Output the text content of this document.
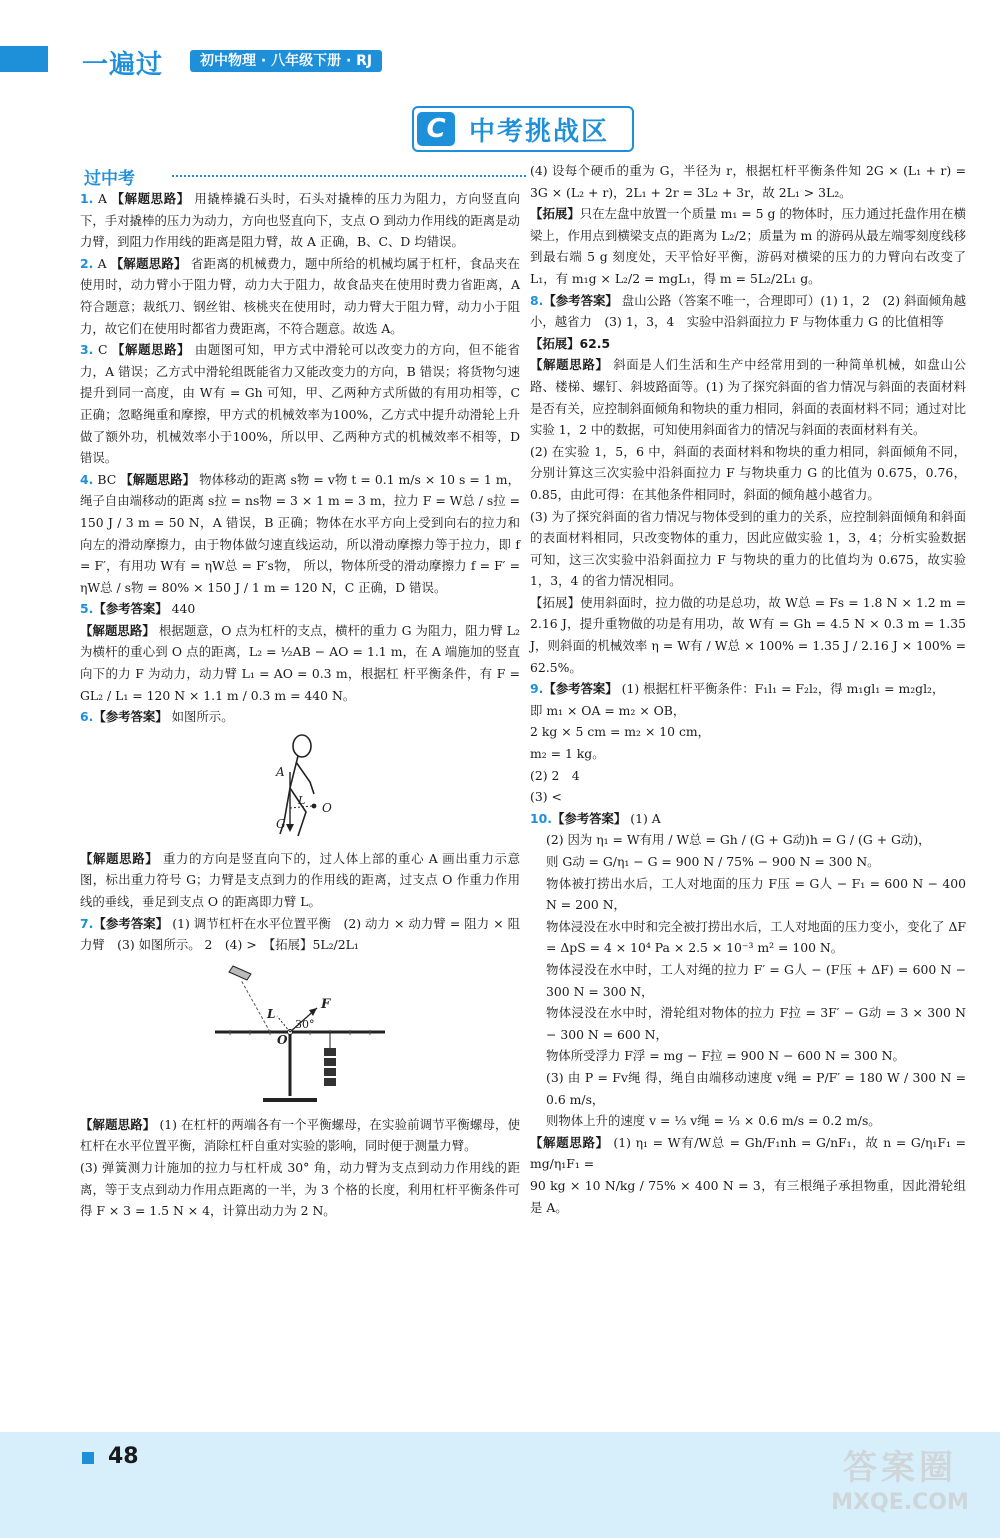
一遍过	初中物理 · 八年级下册 · RJ
C 中考挑战区
过中考

1. A 【解题思路】 用撬棒撬石头时，石头对撬棒的压力为阻力，方向竖直向下，手对撬棒的压力为动力，方向也竖直向下，支点 O 到动力作用线的距离是动力臂，到阻力作用线的距离是阻力臂，故 A 正确，B、C、D 均错误。

2. A 【解题思路】 省距离的机械费力，题中所给的机械均属于杠杆，食品夹在使用时，动力臂小于阻力臂，动力大于阻力，故食品夹在使用时费力省距离，A 符合题意；裁纸刀、钢丝钳、核桃夹在使用时，动力臂大于阻力臂，动力小于阻力，故它们在使用时都省力费距离，不符合题意。故选 A。

3. C 【解题思路】 由题图可知，甲方式中滑轮可以改变力的方向，但不能省力，A 错误；乙方式中滑轮组既能省力又能改变力的方向，B 错误；将货物匀速提升到同一高度，由 W有 = Gh 可知，甲、乙两种方式所做的有用功相等，C 正确；忽略绳重和摩擦，甲方式的机械效率为100%，乙方式中提升动滑轮上升做了额外功，机械效率小于100%，所以甲、乙两种方式的机械效率不相等，D 错误。

4. BC 【解题思路】 物体移动的距离 s物 = v物 t = 0.1 m/s × 10 s = 1 m，绳子自由端移动的距离 s拉 = ns物 = 3 × 1 m = 3 m，拉力 F = W总 / s拉 = 150 J / 3 m = 50 N，A 错误，B 正确；物体在水平方向上受到向右的拉力和向左的滑动摩擦力，由于物体做匀速直线运动，所以滑动摩擦力等于拉力，即 f = F′，有用功 W有 = ηW总 = F′s物， 所以，物体所受的滑动摩擦力 f = F′ = ηW总 / s物 = 80% × 150 J / 1 m = 120 N，C 正确，D 错误。

5.【参考答案】 440
【解题思路】 根据题意，O 点为杠杆的支点，横杆的重力 G 为阻力，阻力臂 L₂ 为横杆的重心到 O 点的距离，L₂ = ½AB − AO = 1.1 m，在 A 端施加的竖直向下的力 F 为动力，动力臂 L₁ = AO = 0.3 m，根据杠 杆平衡条件，有 F = GL₂ / L₁ = 120 N × 1.1 m / 0.3 m = 440 N。

6.【参考答案】 如图所示。

A
G
O
L

【解题思路】 重力的方向是竖直向下的，过人体上部的重心 A 画出重力示意图，标出重力符号 G；力臂是支点到力的作用线的距离，过支点 O 作重力作用线的垂线，垂足到支点 O 的距离即力臂 L。

7.【参考答案】 (1) 调节杠杆在水平位置平衡　(2) 动力 × 动力臂 = 阻力 × 阻力臂　(3) 如图所示。 2　(4) >　【拓展】5L₂/2L₁

F
L
O
30°

【解题思路】 (1) 在杠杆的两端各有一个平衡螺母，在实验前调节平衡螺母，使杠杆在水平位置平衡，消除杠杆自重对实验的影响，同时便于测量力臂。

(3) 弹簧测力计施加的拉力与杠杆成 30° 角，动力臂为支点到动力作用线的距离，等于支点到动力作用点距离的一半，为 3 个格的长度，利用杠杆平衡条件可得 F × 3 = 1.5 N × 4，计算出动力为 2 N。

(4) 设每个硬币的重为 G，半径为 r，根据杠杆平衡条件知 2G × (L₁ + r) = 3G × (L₂ + r)，2L₁ + 2r = 3L₂ + 3r，故 2L₁ > 3L₂。

【拓展】只在左盘中放置一个质量 m₁ = 5 g 的物体时，压力通过托盘作用在横梁上，作用点到横梁支点的距离为 L₂/2；质量为 m 的游码从最左端零刻度线移到最右端 5 g 刻度处，天平恰好平衡，游码对横梁的压力的力臂向右改变了 L₁，有 m₁g × L₂/2 = mgL₁，得 m = 5L₂/2L₁ g。

8.【参考答案】 盘山公路（答案不唯一，合理即可）(1) 1，2　(2) 斜面倾角越小，越省力　(3) 1，3，4　实验中沿斜面拉力 F 与物体重力 G 的比值相等

【拓展】62.5

【解题思路】 斜面是人们生活和生产中经常用到的一种简单机械，如盘山公路、楼梯、螺钉、斜坡路面等。(1) 为了探究斜面的省力情况与斜面的表面材料是否有关，应控制斜面倾角和物块的重力相同，斜面的表面材料不同；通过对比实验 1，2 中的数据，可知使用斜面省力的情况与斜面的表面材料有关。

(2) 在实验 1，5，6 中，斜面的表面材料和物块的重力相同，斜面倾角不同，分别计算这三次实验中沿斜面拉力 F 与物块重力 G 的比值为 0.675，0.76，0.85，由此可得：在其他条件相同时，斜面的倾角越小越省力。

(3) 为了探究斜面的省力情况与物体受到的重力的关系，应控制斜面倾角和斜面的表面材料相同，只改变物体的重力，因此应做实验 1，3，4；分析实验数据可知，这三次实验中沿斜面拉力 F 与物块的重力的比值均为 0.675，故实验 1，3，4 的省力情况相同。

【拓展】使用斜面时，拉力做的功是总功，故 W总 = Fs = 1.8 N × 1.2 m = 2.16 J，提升重物做的功是有用功，故 W有 = Gh = 4.5 N × 0.3 m = 1.35 J，则斜面的机械效率 η = W有 / W总 × 100% = 1.35 J / 2.16 J × 100% = 62.5%。

9.【参考答案】 (1) 根据杠杆平衡条件：F₁l₁ = F₂l₂，得 m₁gl₁ = m₂gl₂，

即 m₁ × OA = m₂ × OB，

2 kg × 5 cm = m₂ × 10 cm，

m₂ = 1 kg。

(2) 2　4

(3) <

10.【参考答案】 (1) A

(2) 因为 η₁ = W有用 / W总 = Gh / (G + G动)h = G / (G + G动)，

则 G动 = G/η₁ − G = 900 N / 75% − 900 N = 300 N。

物体被打捞出水后，工人对地面的压力 F压 = G人 − F₁ = 600 N − 400 N = 200 N，

物体浸没在水中时和完全被打捞出水后，工人对地面的压力变小，变化了 ΔF = ΔpS = 4 × 10⁴ Pa × 2.5 × 10⁻³ m² = 100 N。

物体浸没在水中时，工人对绳的拉力 F′ = G人 − (F压 + ΔF) = 600 N − 300 N = 300 N，

物体浸没在水中时，滑轮组对物体的拉力 F拉 = 3F′ − G动 = 3 × 300 N − 300 N = 600 N，

物体所受浮力 F浮 = mg − F拉 = 900 N − 600 N = 300 N。

(3) 由 P = Fv绳 得，绳自由端移动速度 v绳 = P/F′ = 180 W / 300 N = 0.6 m/s，

则物体上升的速度 v = ⅓ v绳 = ⅓ × 0.6 m/s = 0.2 m/s。

【解题思路】 (1) η₁ = W有/W总 = Gh/F₁nh = G/nF₁，故 n = G/η₁F₁ = mg/η₁F₁ =

90 kg × 10 N/kg / 75% × 400 N = 3，有三根绳子承担物重，因此滑轮组是 A。

48	答案圈
MXQE.COM
